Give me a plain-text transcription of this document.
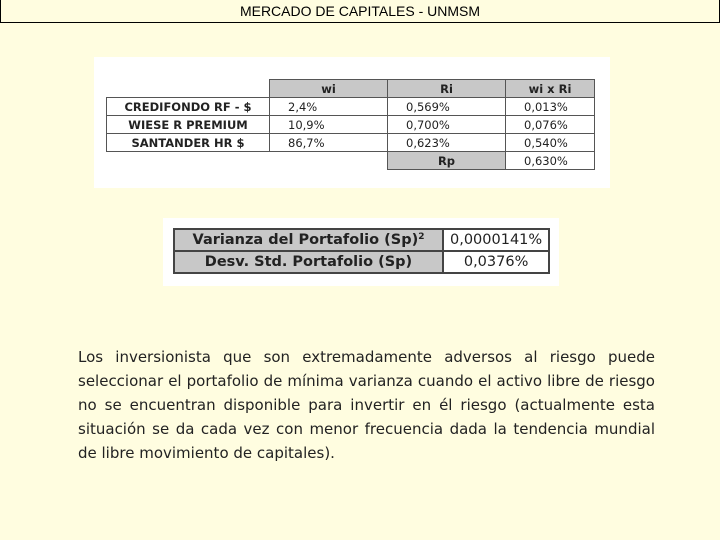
MERCADO DE CAPITALES - UNMSM
	wi	Ri	wi x Ri
CREDIFONDO RF - $	2,4%	0,569%	0,013%
WIESE R PREMIUM	10,9%	0,700%	0,076%
SANTANDER HR $	86,7%	0,623%	0,540%
		Rp	0,630%
Varianza del Portafolio $(Sp)^2$	0,0000141%
Desv. Std. Portafolio (Sp)	0,0376%

Los inversionista que son extremadamente adversos al riesgo puede seleccionar el portafolio de mínima varianza cuando el activo libre de riesgo no se encuentran disponible para invertir en él riesgo (actualmente esta situación se da cada vez con menor frecuencia dada la tendencia mundial de libre movimiento de capitales).
